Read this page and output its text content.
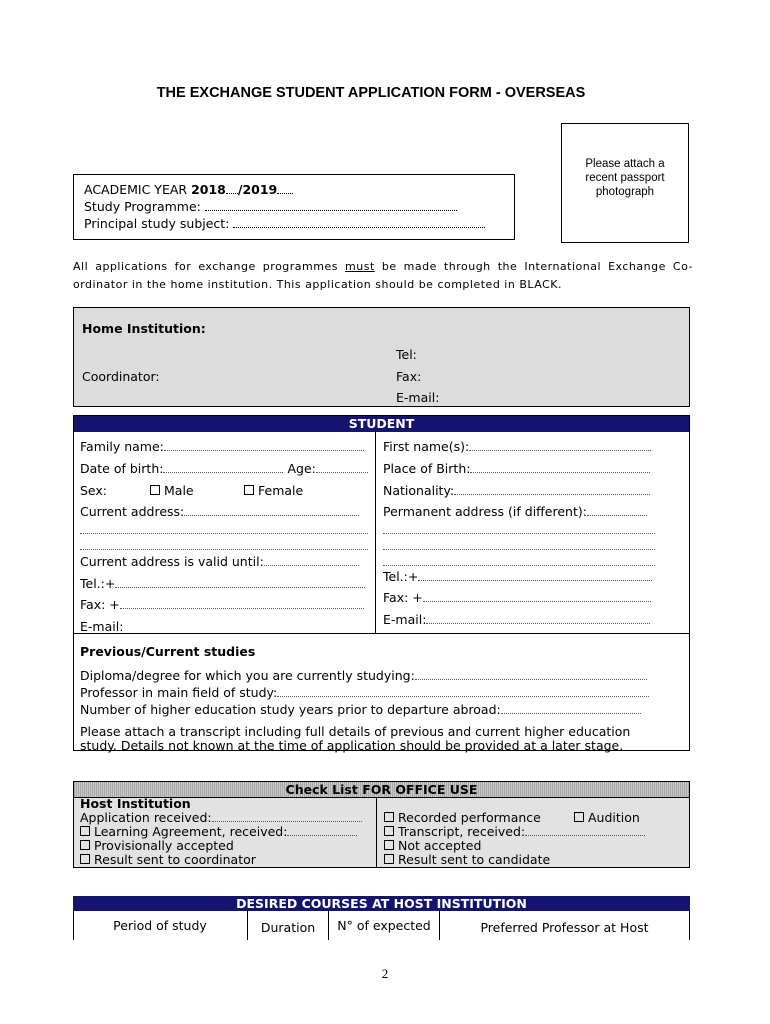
THE EXCHANGE STUDENT APPLICATION FORM - OVERSEAS
Please attach a
recent passport
photograph
ACADEMIC YEAR 2018 /2019
Study Programme:
Principal study subject:
All applications for exchange programmes must be made through the International Exchange Co-ordinator in the home institution. This application should be completed in BLACK.
Home Institution:
Coordinator:
Tel:
Fax:
E-mail:
STUDENT
Family name:
Date of birth:	Age:
Sex:	Male	Female
Current address:
Current address is valid until:
Tel.:+
Fax: +
E-mail:
First name(s):
Place of Birth:
Nationality:
Permanent address (if different):
Tel.:+
Fax: +
E-mail:
Previous/Current studies
Diploma/degree for which you are currently studying:
Professor in main field of study:
Number of higher education study years prior to departure abroad:
Please attach a transcript including full details of previous and current higher education
study. Details not known at the time of application should be provided at a later stage.
Check List FOR OFFICE USE
Host Institution
Application received:
Learning Agreement, received:
Provisionally accepted
Result sent to coordinator
Recorded performance	Audition
Transcript, received:
Not accepted
Result sent to candidate
DESIRED COURSES AT HOST INSTITUTION
Period of study	Duration	N° of expected	Preferred Professor at Host
2
